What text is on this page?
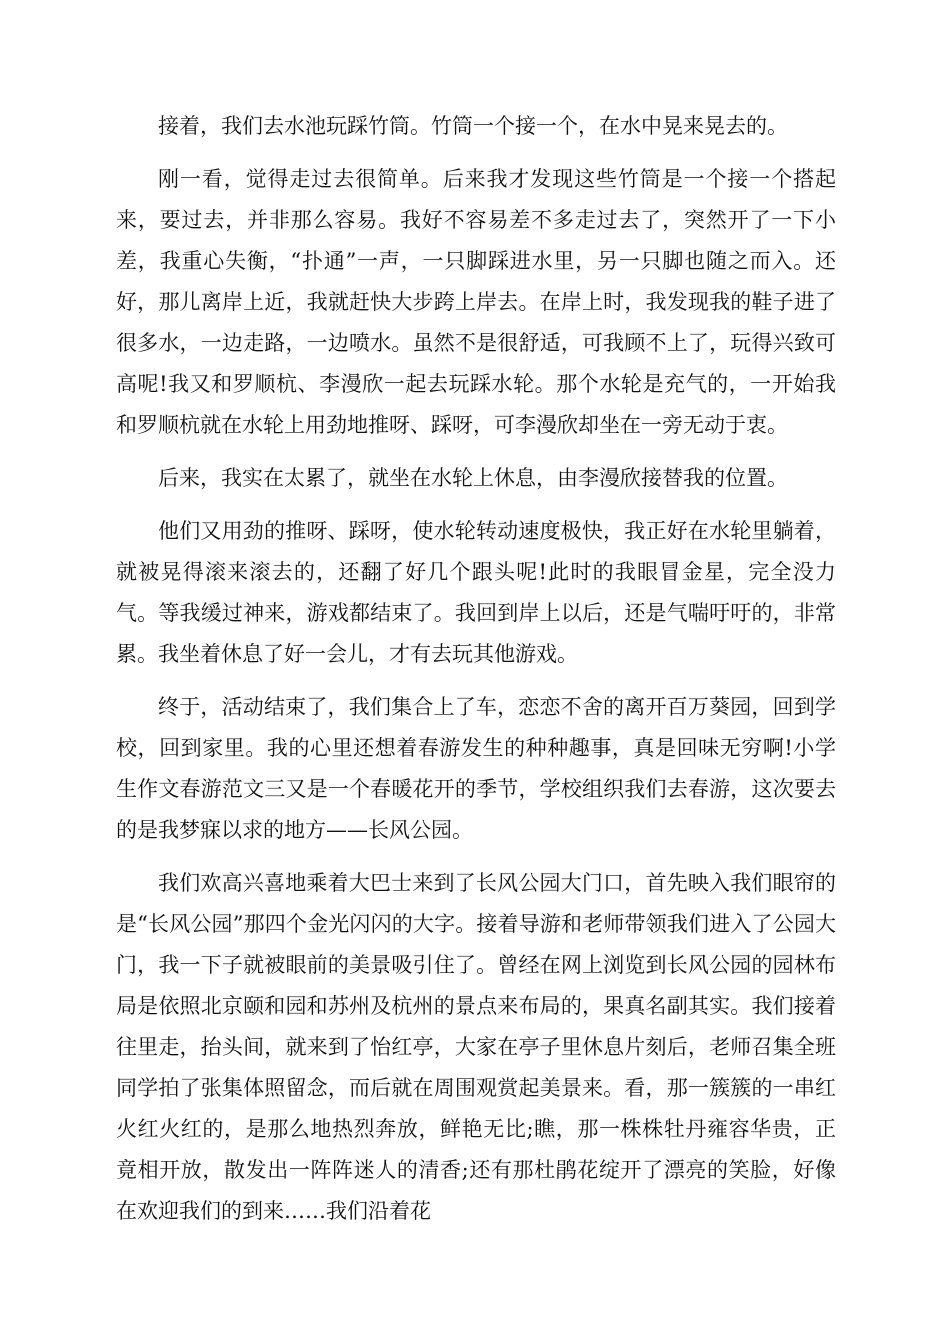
接着，我们去水池玩踩竹筒。竹筒一个接一个，在水中晃来晃去的。

刚一看，觉得走过去很简单。后来我才发现这些竹筒是一个接一个搭起来，要过去，并非那么容易。我好不容易差不多走过去了，突然开了一下小差，我重心失衡，“扑通”一声，一只脚踩进水里，另一只脚也随之而入。还好，那儿离岸上近，我就赶快大步跨上岸去。在岸上时，我发现我的鞋子进了很多水，一边走路，一边喷水。虽然不是很舒适，可我顾不上了，玩得兴致可高呢!我又和罗顺杭、李漫欣一起去玩踩水轮。那个水轮是充气的，一开始我和罗顺杭就在水轮上用劲地推呀、踩呀，可李漫欣却坐在一旁无动于衷。

后来，我实在太累了，就坐在水轮上休息，由李漫欣接替我的位置。

他们又用劲的推呀、踩呀，使水轮转动速度极快，我正好在水轮里躺着，就被晃得滚来滚去的，还翻了好几个跟头呢!此时的我眼冒金星，完全没力气。等我缓过神来，游戏都结束了。我回到岸上以后，还是气喘吁吁的，非常累。我坐着休息了好一会儿，才有去玩其他游戏。

终于，活动结束了，我们集合上了车，恋恋不舍的离开百万葵园，回到学校，回到家里。我的心里还想着春游发生的种种趣事，真是回味无穷啊!小学生作文春游范文三又是一个春暖花开的季节，学校组织我们去春游，这次要去的是我梦寐以求的地方——长风公园。

我们欢高兴喜地乘着大巴士来到了长风公园大门口，首先映入我们眼帘的是“长风公园”那四个金光闪闪的大字。接着导游和老师带领我们进入了公园大门，我一下子就被眼前的美景吸引住了。曾经在网上浏览到长风公园的园林布局是依照北京颐和园和苏州及杭州的景点来布局的，果真名副其实。我们接着往里走，抬头间，就来到了怡红亭，大家在亭子里休息片刻后，老师召集全班同学拍了张集体照留念，而后就在周围观赏起美景来。看，那一簇簇的一串红火红火红的，是那么地热烈奔放，鲜艳无比;瞧，那一株株牡丹雍容华贵，正竟相开放，散发出一阵阵迷人的清香;还有那杜鹃花绽开了漂亮的笑脸，好像在欢迎我们的到来……我们沿着花
